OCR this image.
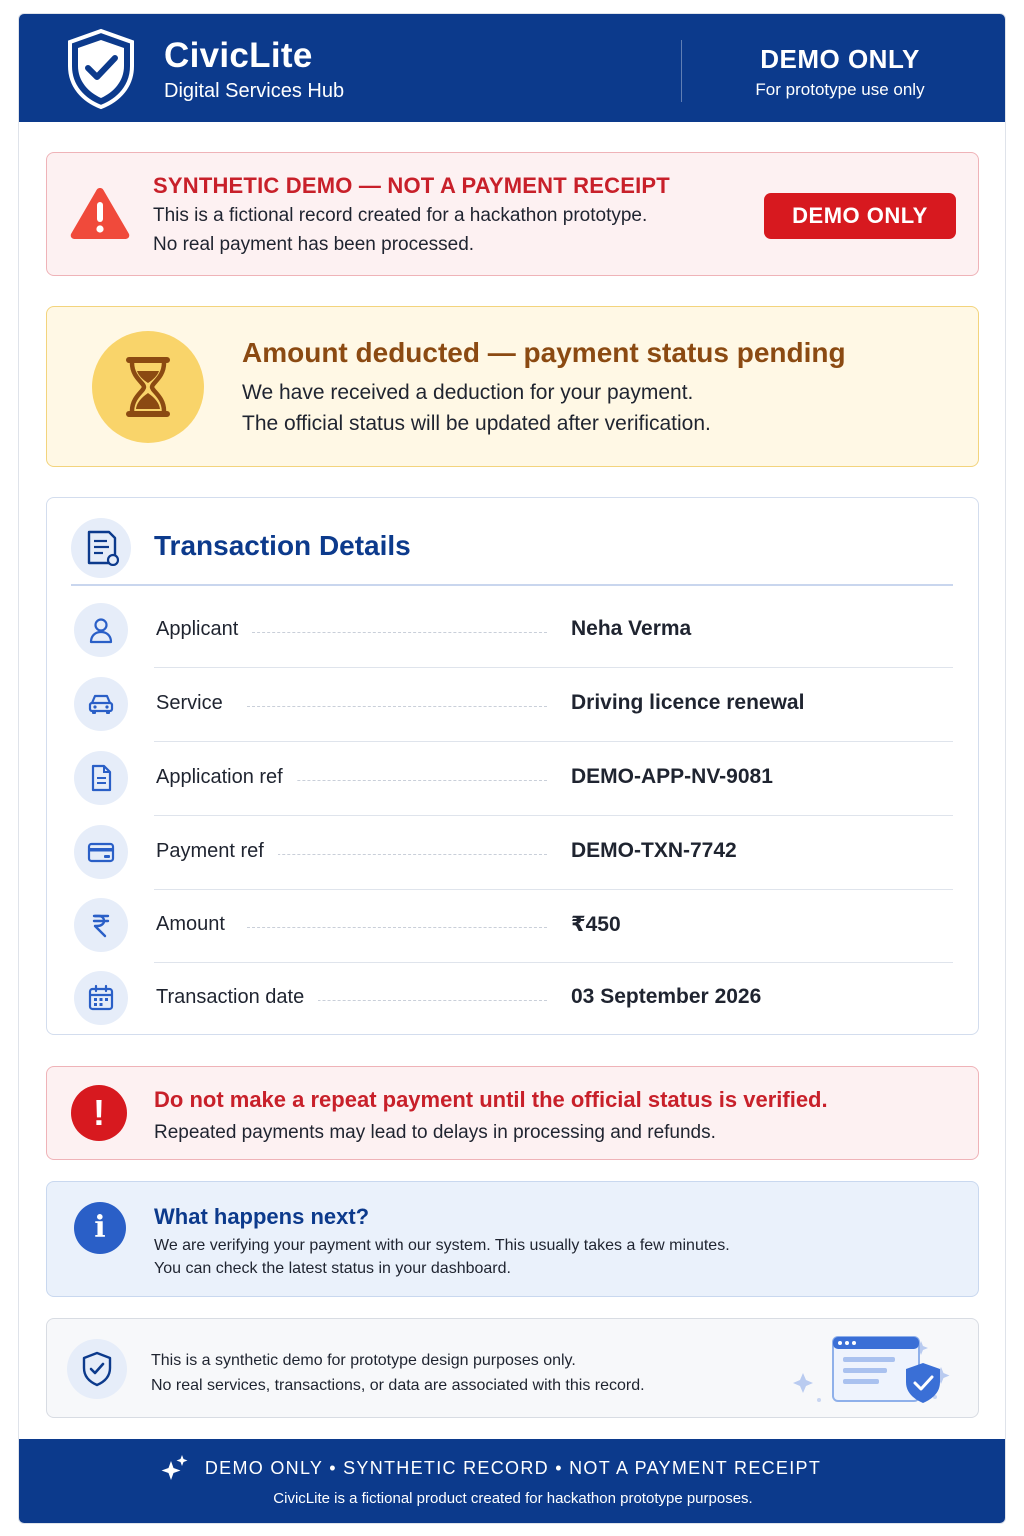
CivicLite
Digital Services Hub
DEMO ONLY
For prototype use only
SYNTHETIC DEMO — NOT A PAYMENT RECEIPT
This is a fictional record created for a hackathon prototype.
No real payment has been processed.
DEMO ONLY
Amount deducted — payment status pending
We have received a deduction for your payment.
The official status will be updated after verification.
Transaction Details
Applicant	Neha Verma
Service	Driving licence renewal
Application ref	DEMO-APP-NV-9081
Payment ref	DEMO-TXN-7742
Amount	₹450
Transaction date	03 September 2026
!	Do not make a repeat payment until the official status is verified.
Repeated payments may lead to delays in processing and refunds.
i	What happens next?
We are verifying your payment with our system. This usually takes a few minutes.
You can check the latest status in your dashboard.
This is a synthetic demo for prototype design purposes only.
No real services, transactions, or data are associated with this record.
DEMO ONLY • SYNTHETIC RECORD • NOT A PAYMENT RECEIPT
CivicLite is a fictional product created for hackathon prototype purposes.
